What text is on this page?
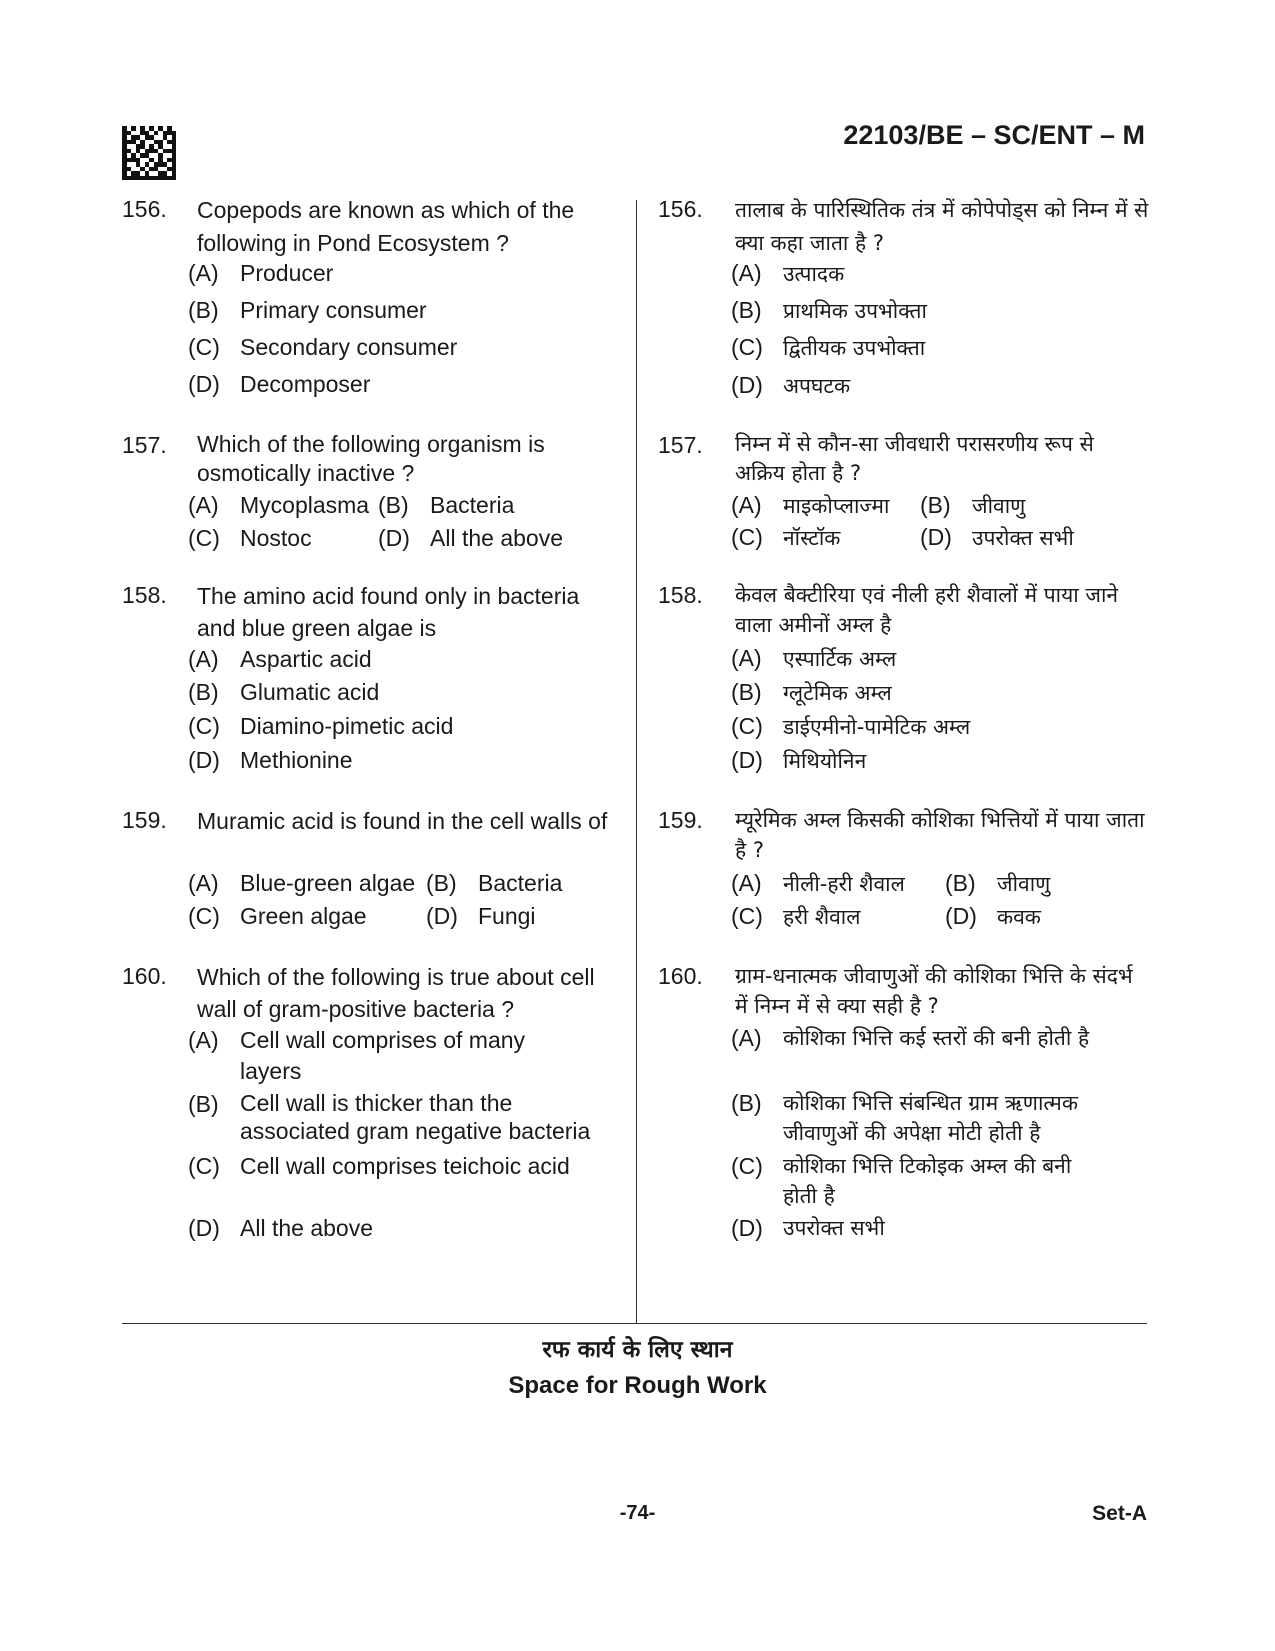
22103/BE – SC/ENT – M
156. Copepods are known as which of the following in Pond Ecosystem ?
(A) Producer
(B) Primary consumer
(C) Secondary consumer
(D) Decomposer
157. Which of the following organism is osmotically inactive ?
(A) Mycoplasma (B) Bacteria
(C) Nostoc	(D) All the above
158. The amino acid found only in bacteria and blue green algae is
(A) Aspartic acid
(B) Glumatic acid
(C) Diamino-pimetic acid
(D) Methionine
159. Muramic acid is found in the cell walls of
(A) Blue-green algae (B) Bacteria
(C) Green algae	(D) Fungi
160. Which of the following is true about cell wall of gram-positive bacteria ?
(A) Cell wall comprises of many layers
(B) Cell wall is thicker than the associated gram negative bacteria
(C) Cell wall comprises teichoic acid
(D) All the above
156. तालाब के पारिस्थितिक तंत्र में कोपेपोड्स को निम्न में से क्या कहा जाता है ?
(A) उत्पादक
(B) प्राथमिक उपभोक्ता
(C) द्वितीयक उपभोक्ता
(D) अपघटक
157. निम्न में से कौन-सा जीवधारी परासरणीय रूप से अक्रिय होता है ?
(A) माइकोप्लाज्मा (B) जीवाणु
(C) नॉस्टॉक	(D) उपरोक्त सभी
158. केवल बैक्टीरिया एवं नीली हरी शैवालों में पाया जाने वाला अमीनों अम्ल है
(A) एस्पार्टिक अम्ल
(B) ग्लूटेमिक अम्ल
(C) डाईएमीनो-पामेटिक अम्ल
(D) मिथियोनिन
159. म्यूरेमिक अम्ल किसकी कोशिका भित्तियों में पाया जाता है ?
(A) नीली-हरी शैवाल (B) जीवाणु
(C) हरी शैवाल	(D) कवक
160. ग्राम-धनात्मक जीवाणुओं की कोशिका भित्ति के संदर्भ में निम्न में से क्या सही है ?
(A)	कोशिका भित्ति कई स्तरों की बनी होती है
(B)	कोशिका भित्ति संबन्धित ग्राम ऋणात्मक जीवाणुओं की अपेक्षा मोटी होती है
(C) कोशिका भित्ति टिकोइक अम्ल की बनी होती है
(D) उपरोक्त सभी
रफ कार्य के लिए स्थान
Space for Rough Work
-74-	Set-A
